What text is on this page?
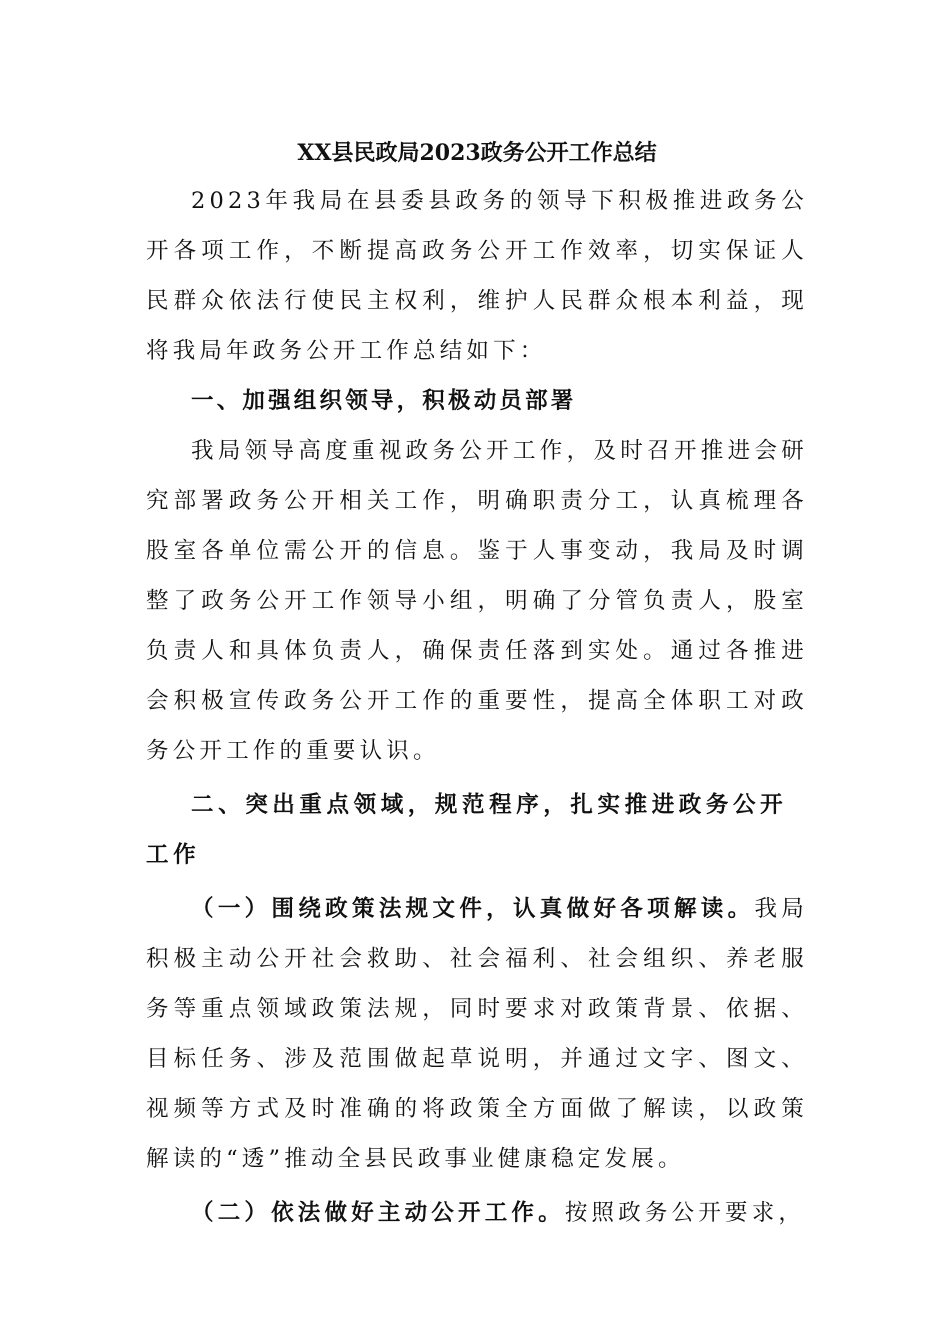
XX县民政局2023政务公开工作总结

2023年我局在县委县政务的领导下积极推进政务公开各项工作，不断提高政务公开工作效率，切实保证人民群众依法行使民主权利，维护人民群众根本利益，现将我局年政务公开工作总结如下：

一、加强组织领导，积极动员部署

我局领导高度重视政务公开工作，及时召开推进会研究部署政务公开相关工作，明确职责分工，认真梳理各股室各单位需公开的信息。鉴于人事变动，我局及时调整了政务公开工作领导小组，明确了分管负责人，股室负责人和具体负责人，确保责任落到实处。通过各推进会积极宣传政务公开工作的重要性，提高全体职工对政务公开工作的重要认识。

二、突出重点领域，规范程序，扎实推进政务公开工作

（一）围绕政策法规文件，认真做好各项解读。我局积极主动公开社会救助、社会福利、社会组织、养老服务等重点领域政策法规，同时要求对政策背景、依据、目标任务、涉及范围做起草说明，并通过文字、图文、视频等方式及时准确的将政策全方面做了解读，以政策解读的“透”推动全县民政事业健康稳定发展。

（二）依法做好主动公开工作。按照政务公开要求，
